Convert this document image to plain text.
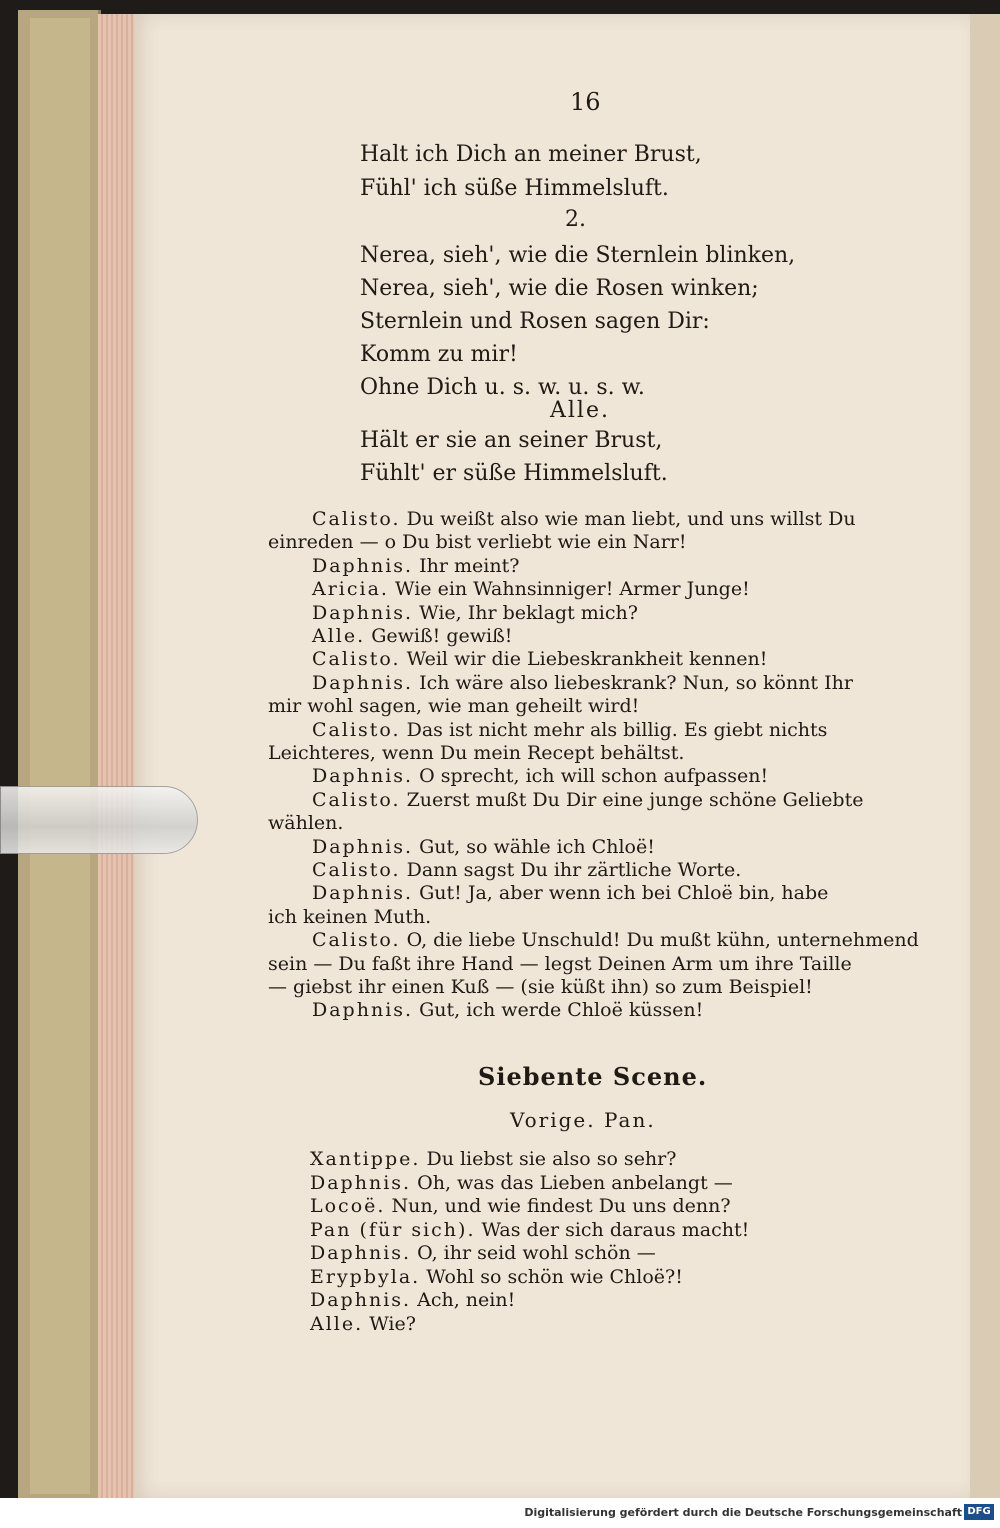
16
Halt ich Dich an meiner Brust,
Fühl' ich süße Himmelsluft.
2.
Nerea, sieh', wie die Sternlein blinken,
Nerea, sieh', wie die Rosen winken;
Sternlein und Rosen sagen Dir:
Komm zu mir!
Ohne Dich u. s. w. u. s. w.
Alle.
Hält er sie an seiner Brust,
Fühlt' er süße Himmelsluft.
Calisto. Du weißt also wie man liebt, und uns willst Du
einreden — o Du bist verliebt wie ein Narr!
Daphnis. Ihr meint?
Aricia. Wie ein Wahnsinniger! Armer Junge!
Daphnis. Wie, Ihr beklagt mich?
Alle. Gewiß! gewiß!
Calisto. Weil wir die Liebeskrankheit kennen!
Daphnis. Ich wäre also liebeskrank? Nun, so könnt Ihr
mir wohl sagen, wie man geheilt wird!
Calisto. Das ist nicht mehr als billig. Es giebt nichts
Leichteres, wenn Du mein Recept behältst.
Daphnis. O sprecht, ich will schon aufpassen!
Calisto. Zuerst mußt Du Dir eine junge schöne Geliebte
wählen.
Daphnis. Gut, so wähle ich Chloë!
Calisto. Dann sagst Du ihr zärtliche Worte.
Daphnis. Gut! Ja, aber wenn ich bei Chloë bin, habe
ich keinen Muth.
Calisto. O, die liebe Unschuld! Du mußt kühn, unternehmend
sein — Du faßt ihre Hand — legst Deinen Arm um ihre Taille
— giebst ihr einen Kuß — (sie küßt ihn) so zum Beispiel!
Daphnis. Gut, ich werde Chloë küssen!
Siebente Scene.
Vorige. Pan.
Xantippe. Du liebst sie also so sehr?
Daphnis. Oh, was das Lieben anbelangt —
Locoë. Nun, und wie findest Du uns denn?
Pan (für sich). Was der sich daraus macht!
Daphnis. O, ihr seid wohl schön —
Erypbyla. Wohl so schön wie Chloë?!
Daphnis. Ach, nein!
Alle. Wie?
Digitalisierung gefördert durch die Deutsche Forschungsgemeinschaft DFG
